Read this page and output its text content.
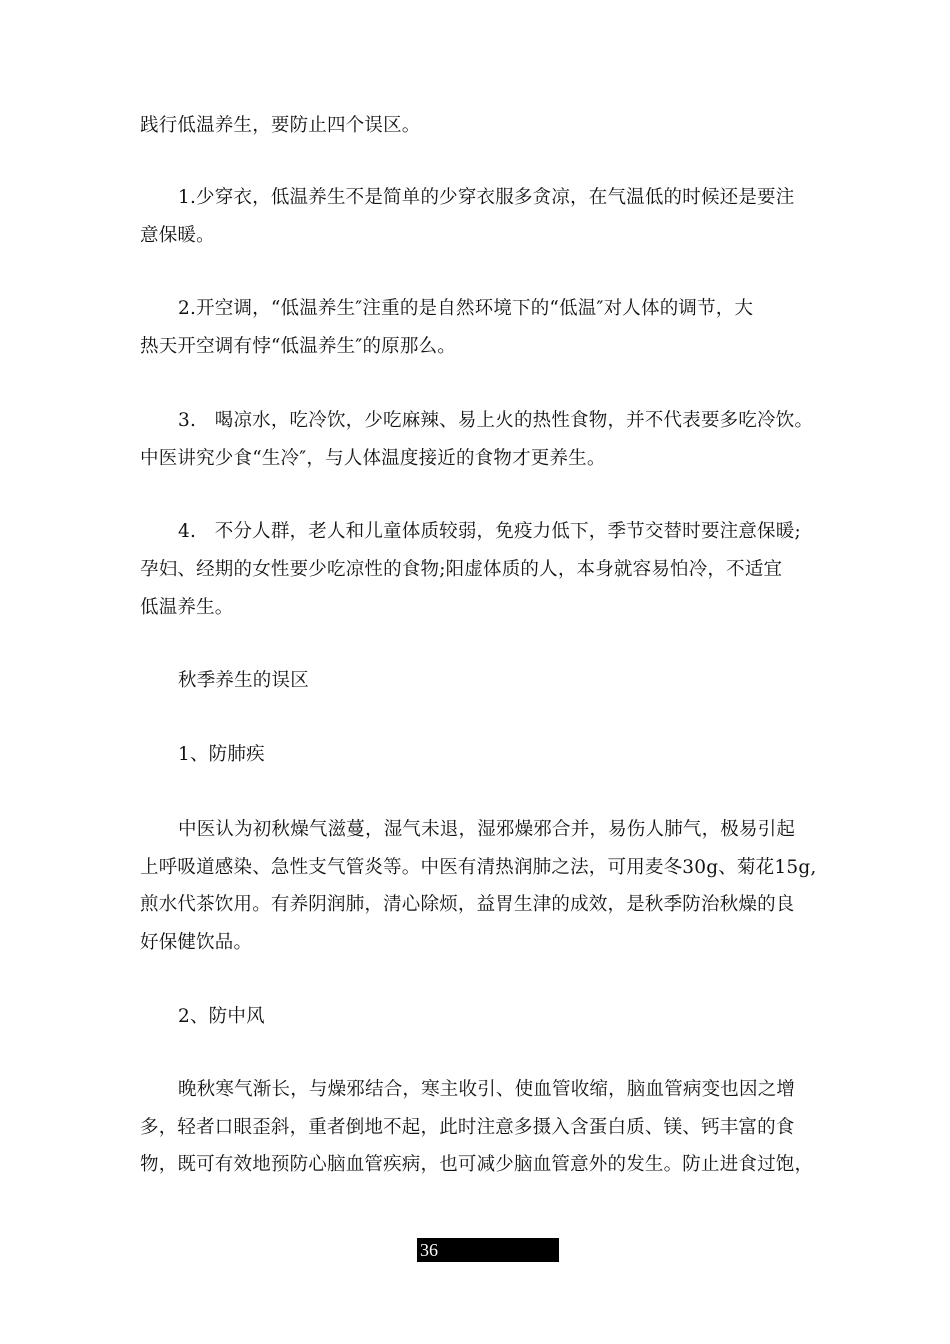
践行低温养生，要防止四个误区。
1.少穿衣，低温养生不是简单的少穿衣服多贪凉，在气温低的时候还是要注
意保暖。
2.开空调，“低温养生″注重的是自然环境下的“低温″对人体的调节，大
热天开空调有悖“低温养生″的原那么。
3.　喝凉水，吃冷饮，少吃麻辣、易上火的热性食物，并不代表要多吃冷饮。
中医讲究少食“生冷″，与人体温度接近的食物才更养生。
4.　不分人群，老人和儿童体质较弱，免疫力低下，季节交替时要注意保暖;
孕妇、经期的女性要少吃凉性的食物;阳虚体质的人，本身就容易怕冷，不适宜
低温养生。
秋季养生的误区
1、防肺疾
中医认为初秋燥气滋蔓，湿气未退，湿邪燥邪合并，易伤人肺气，极易引起
上呼吸道感染、急性支气管炎等。中医有清热润肺之法，可用麦冬30g、菊花15g,
煎水代茶饮用。有养阴润肺，清心除烦，益胃生津的成效，是秋季防治秋燥的良
好保健饮品。
2、防中风
晚秋寒气渐长，与燥邪结合，寒主收引、使血管收缩，脑血管病变也因之增
多，轻者口眼歪斜，重者倒地不起，此时注意多摄入含蛋白质、镁、钙丰富的食
物，既可有效地预防心脑血管疾病，也可减少脑血管意外的发生。防止进食过饱，
36
